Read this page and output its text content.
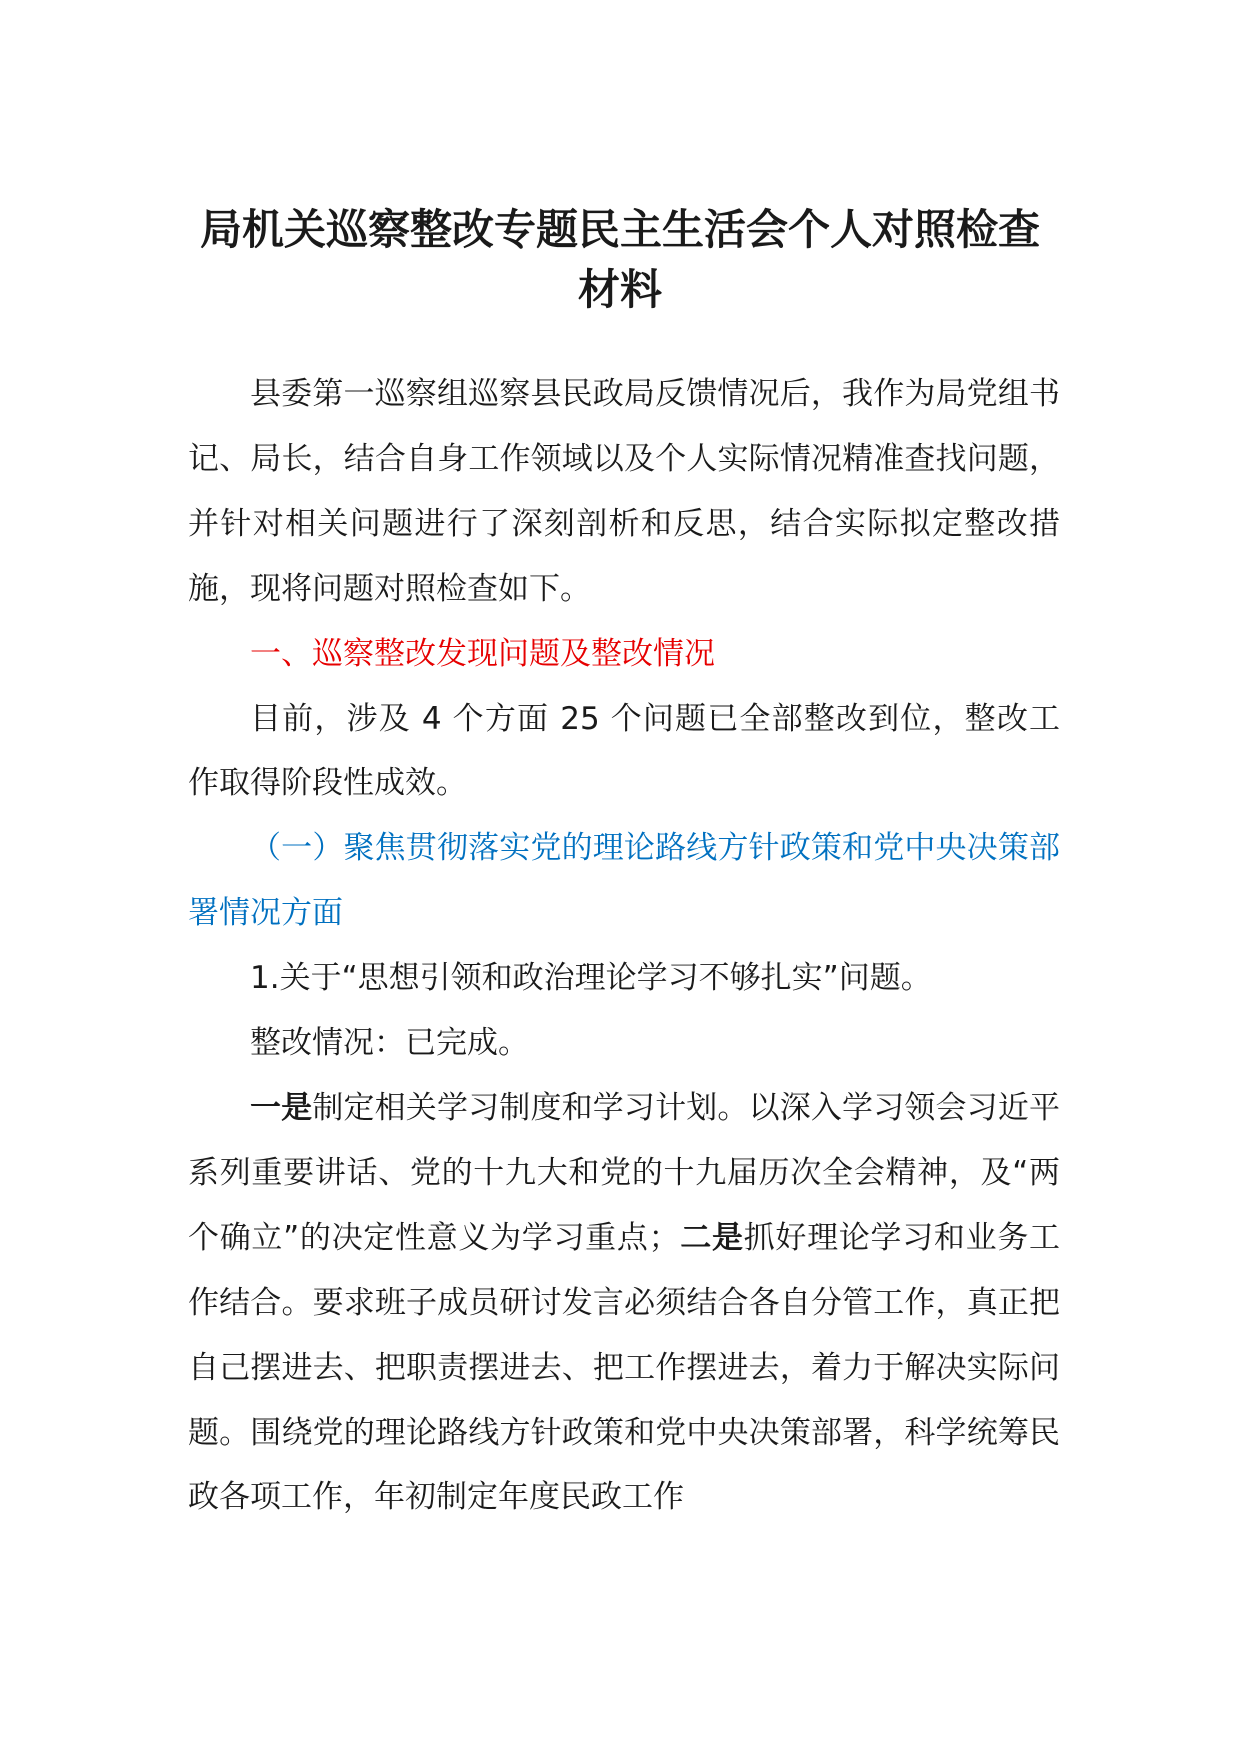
局机关巡察整改专题民主生活会个人对照检查材料

县委第一巡察组巡察县民政局反馈情况后，我作为局党组书记、局长，结合自身工作领域以及个人实际情况精准查找问题，并针对相关问题进行了深刻剖析和反思，结合实际拟定整改措施，现将问题对照检查如下。

一、巡察整改发现问题及整改情况

目前，涉及 4 个方面 25 个问题已全部整改到位，整改工作取得阶段性成效。

（一）聚焦贯彻落实党的理论路线方针政策和党中央决策部署情况方面

1.关于“思想引领和政治理论学习不够扎实”问题。

整改情况：已完成。

一是制定相关学习制度和学习计划。以深入学习领会习近平系列重要讲话、党的十九大和党的十九届历次全会精神，及“两个确立”的决定性意义为学习重点；二是抓好理论学习和业务工作结合。要求班子成员研讨发言必须结合各自分管工作，真正把自己摆进去、把职责摆进去、把工作摆进去，着力于解决实际问题。围绕党的理论路线方针政策和党中央决策部署，科学统筹民政各项工作，年初制定年度民政工作
